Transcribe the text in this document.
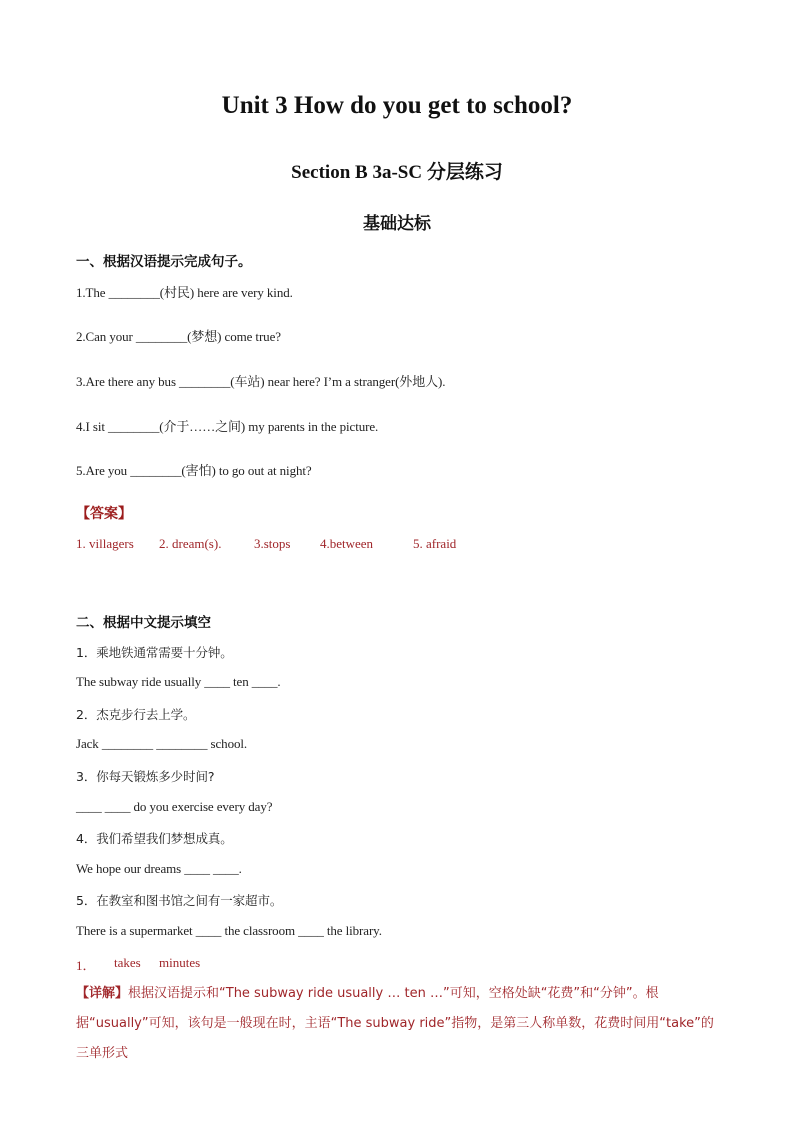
Unit 3 How do you get to school?
Section B 3a-SC 分层练习
基础达标
一、根据汉语提示完成句子。
1.The ________(村民) here are very kind.
2.Can your ________(梦想) come true?
3.Are there any bus ________(车站) near here? I’m a stranger(外地人).
4.I sit ________(介于……之间) my parents in the picture.
5.Are you ________(害怕) to go out at night?
【答案】
1. villagers 2. dream(s).	3.stops 4.between	5. afraid
二、根据中文提示填空
1．乘地铁通常需要十分钟。
The subway ride usually ____ ten ____.
2．杰克步行去上学。
Jack ________ ________ school.
3．你每天锻炼多少时间?
____ ____ do you exercise every day?
4．我们希望我们梦想成真。
We hope our dreams ____ ____.
5．在教室和图书馆之间有一家超市。
There is a supermarket ____ the classroom ____ the library.
1． takes minutes
【详解】根据汉语提示和“The subway ride usually … ten …”可知，空格处缺“花费”和“分钟”。根据“usually”可知，该句是一般现在时，主语“The subway ride”指物，是第三人称单数，花费时间用“take”的三单形式
